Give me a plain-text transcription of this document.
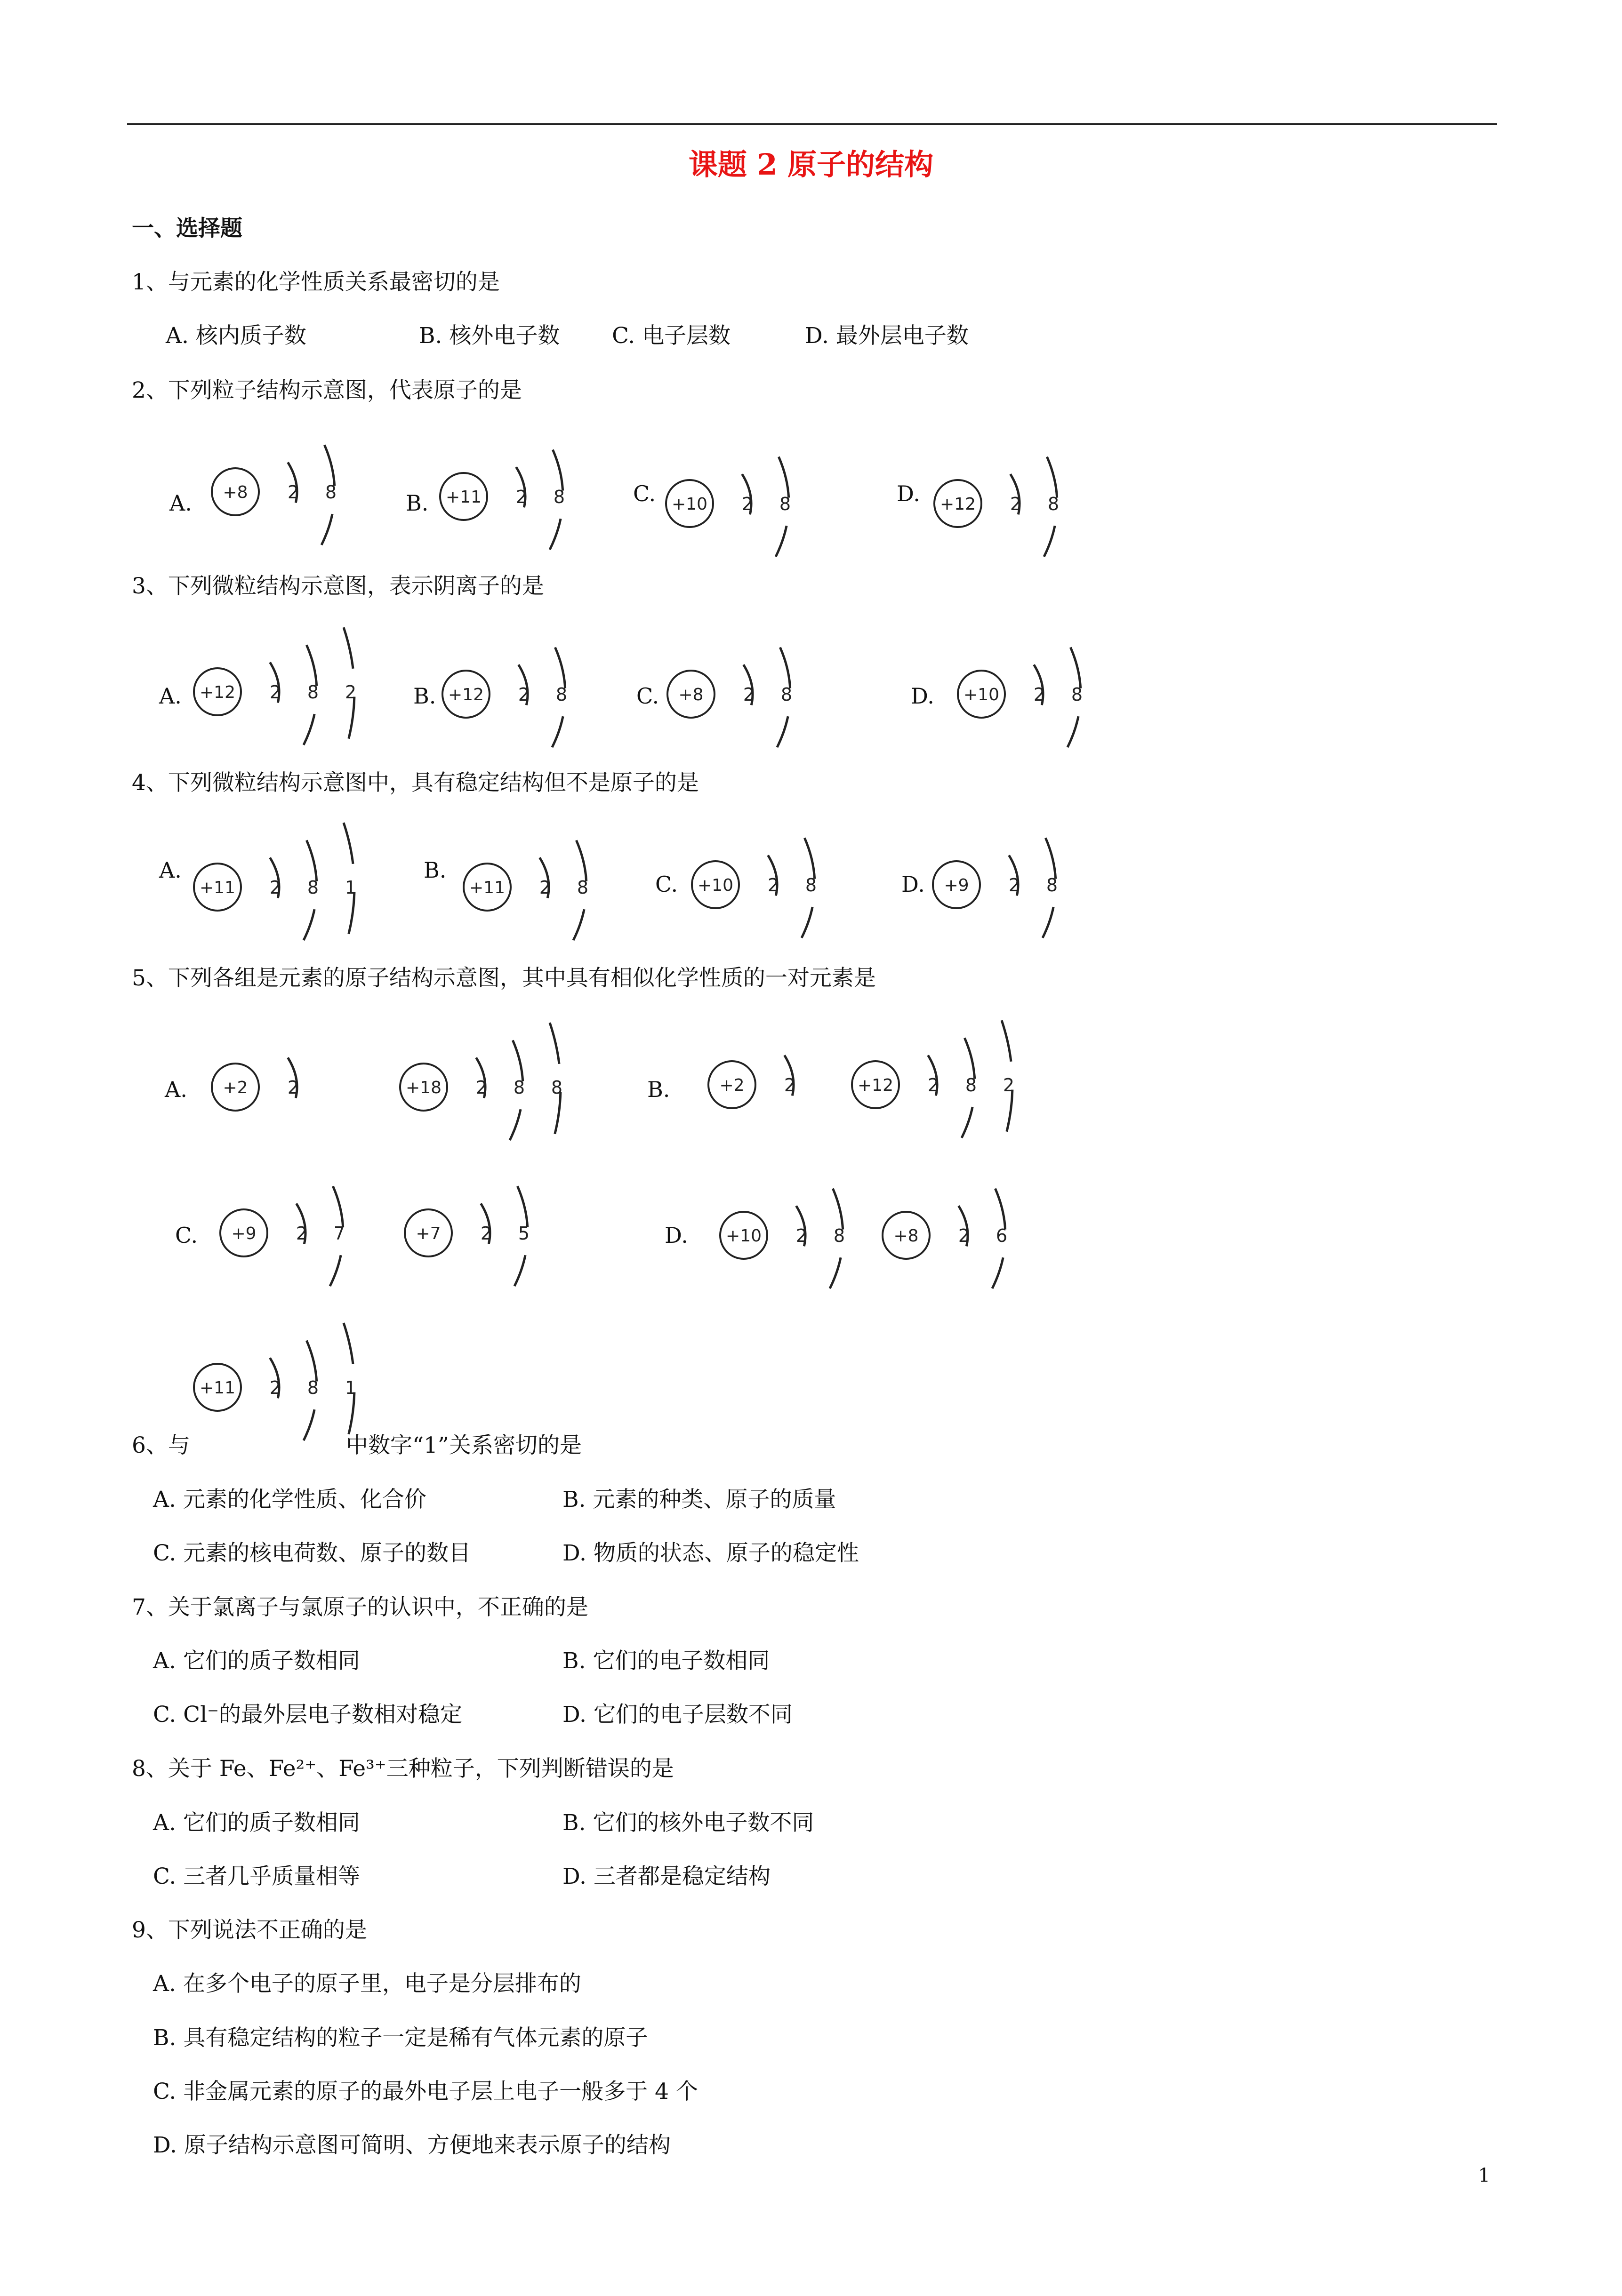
课题 2 原子的结构
一、选择题
1、与元素的化学性质关系最密切的是
A. 核内质子数	B. 核外电子数 C. 电子层数	D. 最外层电子数
2、下列粒子结构示意图，代表原子的是
A.	B.	C.	D.
+8 2 8	+11 2 8	+10 2 8	+12 2 8
3、下列微粒结构示意图，表示阴离子的是
A.	B.	C.	D.
+12 2 8 2	+12 2 8	+8 2 8	+10 2 8
4、下列微粒结构示意图中，具有稳定结构但不是原子的是
A.	B.
C.	D.
+11 2 8 1	+11 2 8	+10 2 8	+9 2 8
5、下列各组是元素的原子结构示意图，其中具有相似化学性质的一对元素是
A.	B.
C.	D.
+2 2	+18 2 8 8	+2 2	+12 2 8 2
+9 2 7	+7 2 5	+10 2 8	+8 2 6
+11 2 8 1
6、与	中数字“1”关系密切的是
A. 元素的化学性质、化合价	B. 元素的种类、原子的质量
C. 元素的核电荷数、原子的数目	D. 物质的状态、原子的稳定性
7、关于氯离子与氯原子的认识中，不正确的是
A. 它们的质子数相同	B. 它们的电子数相同
C. Cl⁻的最外层电子数相对稳定	D. 它们的电子层数不同
8、关于 Fe、Fe²⁺、Fe³⁺三种粒子，下列判断错误的是
A. 它们的质子数相同	B. 它们的核外电子数不同
C. 三者几乎质量相等	D. 三者都是稳定结构
9、下列说法不正确的是
A. 在多个电子的原子里，电子是分层排布的
B. 具有稳定结构的粒子一定是稀有气体元素的原子
C. 非金属元素的原子的最外电子层上电子一般多于 4 个
D. 原子结构示意图可简明、方便地来表示原子的结构
1
